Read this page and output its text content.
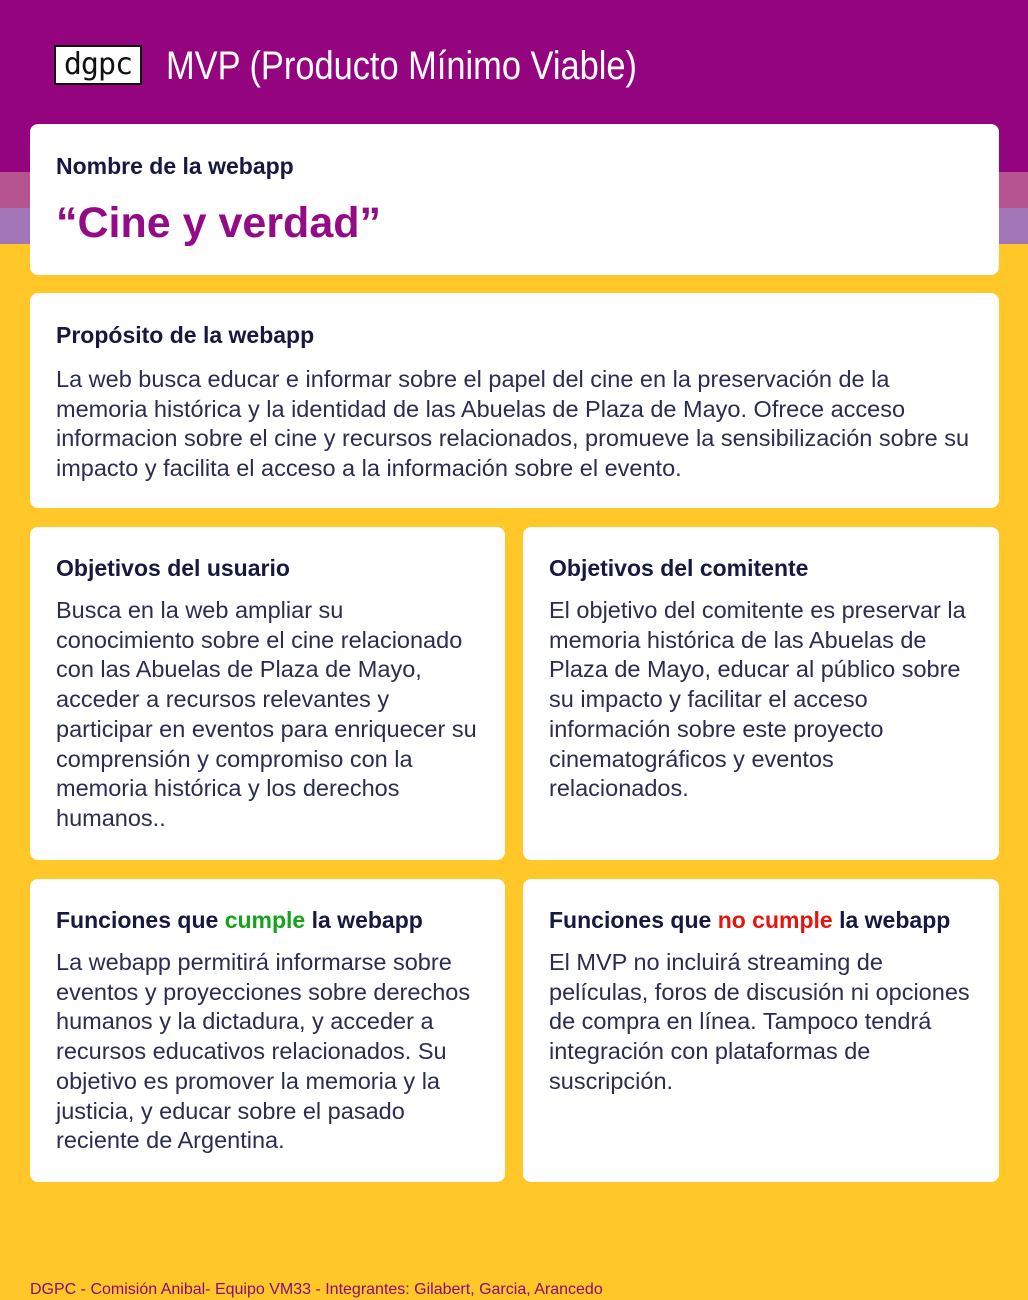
dgpc MVP (Producto Mínimo Viable)
Nombre de la webapp
“Cine y verdad”
Propósito de la webapp

La web busca educar e informar sobre el papel del cine en la preservación de la memoria histórica y la identidad de las Abuelas de Plaza de Mayo. Ofrece acceso informacion sobre el cine y recursos relacionados, promueve la sensibilización sobre su impacto y facilita el acceso a la información sobre el evento.

Objetivos del usuario

Busca en la web ampliar su conocimiento sobre el cine relacionado con las Abuelas de Plaza de Mayo, acceder a recursos relevantes y participar en eventos para enriquecer su comprensión y compromiso con la memoria histórica y los derechos humanos..

Objetivos del comitente

El objetivo del comitente es preservar la memoria histórica de las Abuelas de Plaza de Mayo, educar al público sobre su impacto y facilitar el acceso información sobre este proyecto cinematográficos y eventos relacionados.

Funciones que cumple la webapp

La webapp permitirá informarse sobre eventos y proyecciones sobre derechos humanos y la dictadura, y acceder a recursos educativos relacionados. Su objetivo es promover la memoria y la justicia, y educar sobre el pasado reciente de Argentina.

Funciones que no cumple la webapp

El MVP no incluirá streaming de películas, foros de discusión ni opciones de compra en línea. Tampoco tendrá integración con plataformas de suscripción.

DGPC - Comisión Anibal- Equipo VM33 - Integrantes: Gilabert, Garcia, Arancedo
